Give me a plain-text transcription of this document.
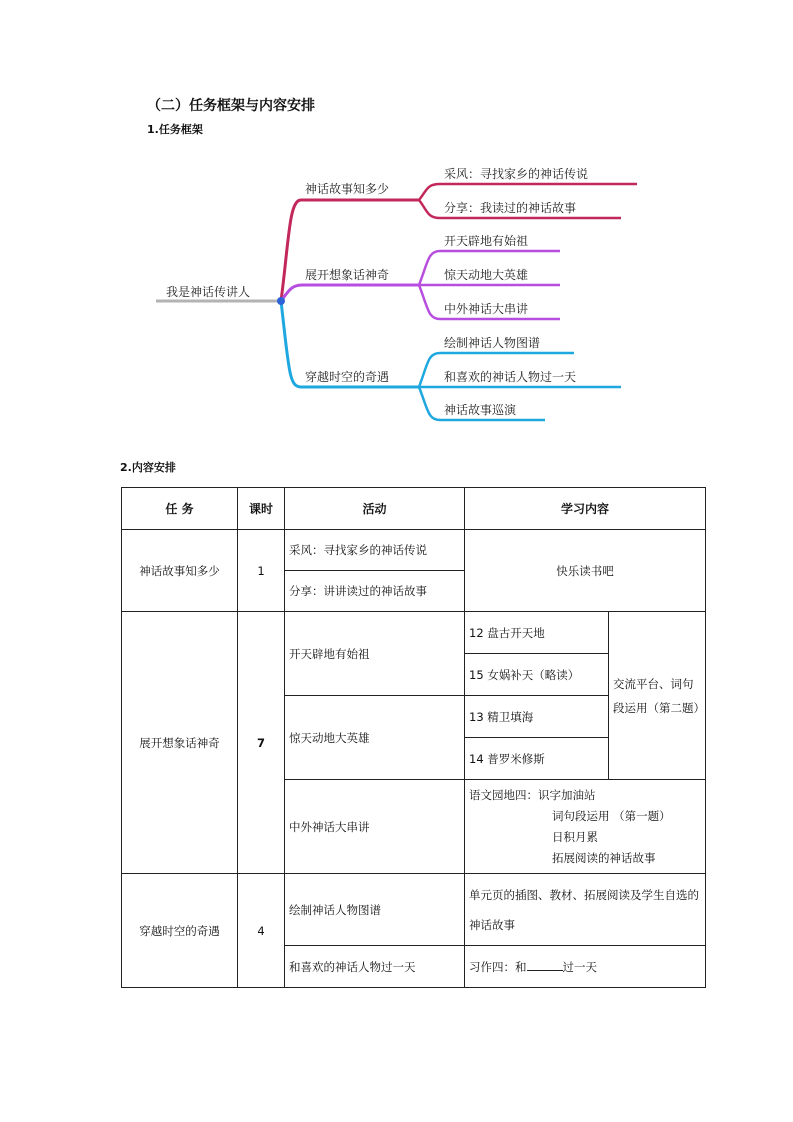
（二）任务框架与内容安排
1.任务框架
我是神话传讲人
神话故事知多少
采风：寻找家乡的神话传说
分享：我读过的神话故事
展开想象话神奇
开天辟地有始祖
惊天动地大英雄
中外神话大串讲
穿越时空的奇遇
绘制神话人物图谱
和喜欢的神话人物过一天
神话故事巡演
2.内容安排
任 务	课时	活动	学习内容	
神话故事知多少	1	采风：寻找家乡的神话传说	快乐读书吧	
		分享：讲讲读过的神话故事		
展开想象话神奇	7	开天辟地有始祖	12 盘古开天地	交流平台、词句段运用（第二题）
			15 女娲补天（略读）	
		惊天动地大英雄	13 精卫填海	
			14 普罗米修斯	
		中外神话大串讲	语文园地四：识字加油站
词句段运用 （第一题）
日积月累
拓展阅读的神话故事	

穿越时空的奇遇	4	绘制神话人物图谱	单元页的插图、教材、拓展阅读及学生自选的神话故事	
		和喜欢的神话人物过一天	习作四：和 过一天	
